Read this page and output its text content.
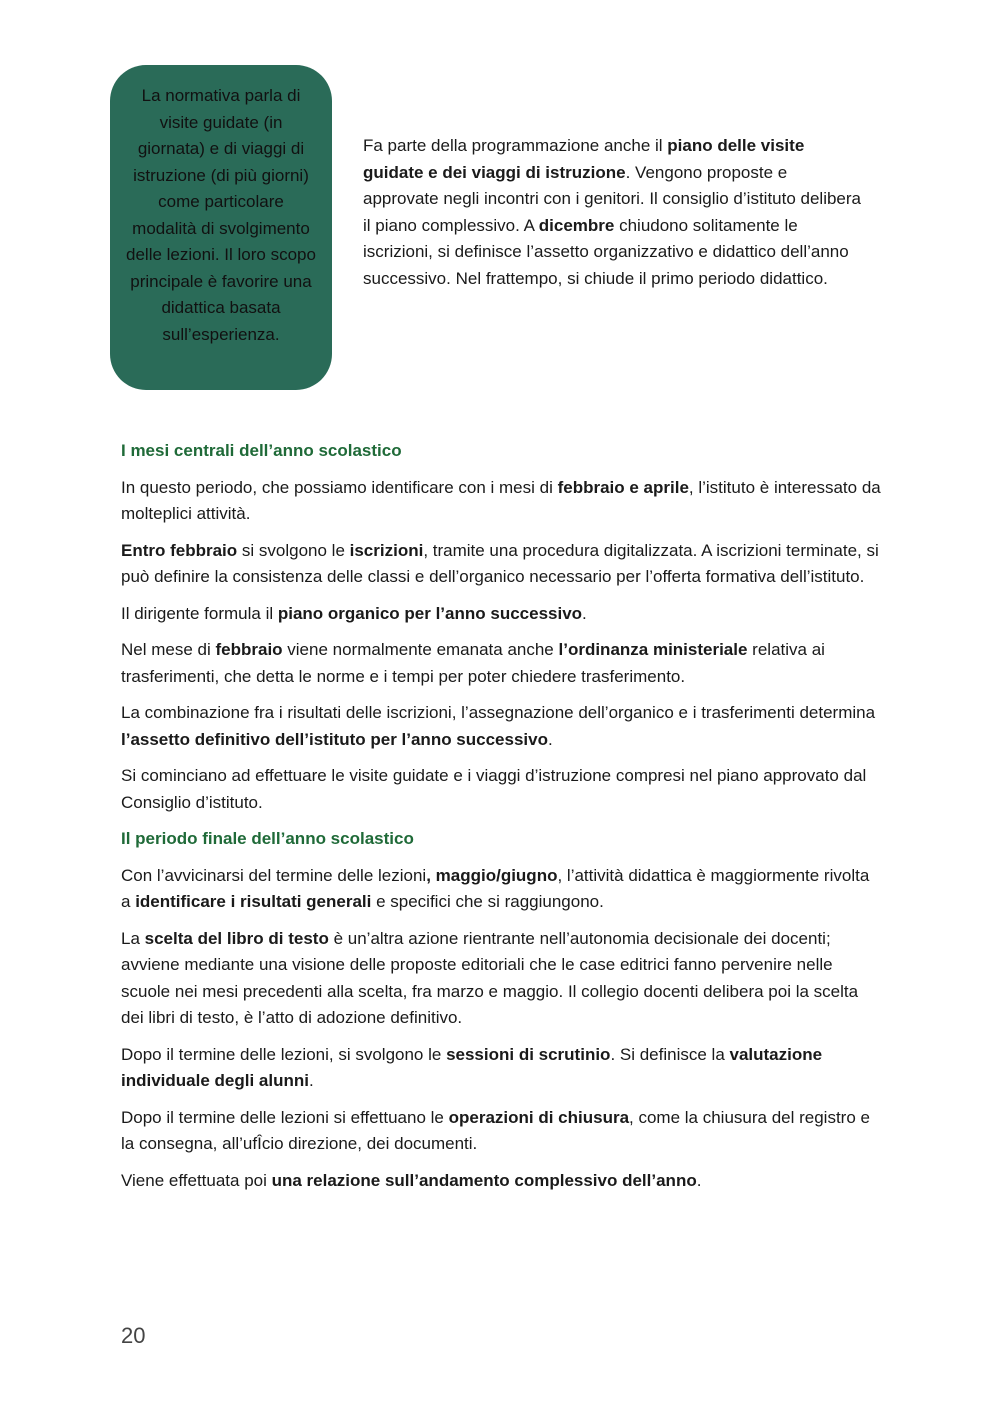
La normativa parla di visite guidate (in giornata) e di viaggi di istruzione (di più giorni) come particolare modalità di svolgimento delle lezioni. Il loro scopo principale è favorire una didattica basata sull’esperienza.
Fa parte della programmazione anche il piano delle visite guidate e dei viaggi di istruzione. Vengono proposte e approvate negli incontri con i genitori. Il consiglio d’istituto delibera il piano complessivo. A dicembre chiudono solitamente le iscrizioni, si definisce l’assetto organizzativo e didattico dell’anno successivo. Nel frattempo, si chiude il primo periodo didattico.
I mesi centrali dell’anno scolastico

In questo periodo, che possiamo identificare con i mesi di febbraio e aprile, l’istituto è interessato da molteplici attività.

Entro febbraio si svolgono le iscrizioni, tramite una procedura digitalizzata. A iscrizioni terminate, si può definire la consistenza delle classi e dell’organico necessario per l’offerta formativa dell’istituto.

Il dirigente formula il piano organico per l’anno successivo.

Nel mese di febbraio viene normalmente emanata anche l’ordinanza ministeriale relativa ai trasferimenti, che detta le norme e i tempi per poter chiedere trasferimento.

La combinazione fra i risultati delle iscrizioni, l’assegnazione dell’organico e i trasferimenti determina l’assetto definitivo dell’istituto per l’anno successivo.

Si cominciano ad effettuare le visite guidate e i viaggi d’istruzione compresi nel piano approvato dal Consiglio d’istituto.

Il periodo finale dell’anno scolastico

Con l’avvicinarsi del termine delle lezioni, maggio/giugno, l’attività didattica è maggiormente rivolta a identificare i risultati generali e specifici che si raggiungono.

La scelta del libro di testo è un’altra azione rientrante nell’autonomia decisionale dei docenti; avviene mediante una visione delle proposte editoriali che le case editrici fanno pervenire nelle scuole nei mesi precedenti alla scelta, fra marzo e maggio. Il collegio docenti delibera poi la scelta dei libri di testo, è l’atto di adozione definitivo.

Dopo il termine delle lezioni, si svolgono le sessioni di scrutinio. Si definisce la valutazione individuale degli alunni.

Dopo il termine delle lezioni si effettuano le operazioni di chiusura, come la chiusura del registro e la consegna, all’ufÎcio direzione, dei documenti.

Viene effettuata poi una relazione sull’andamento complessivo dell’anno.

20
